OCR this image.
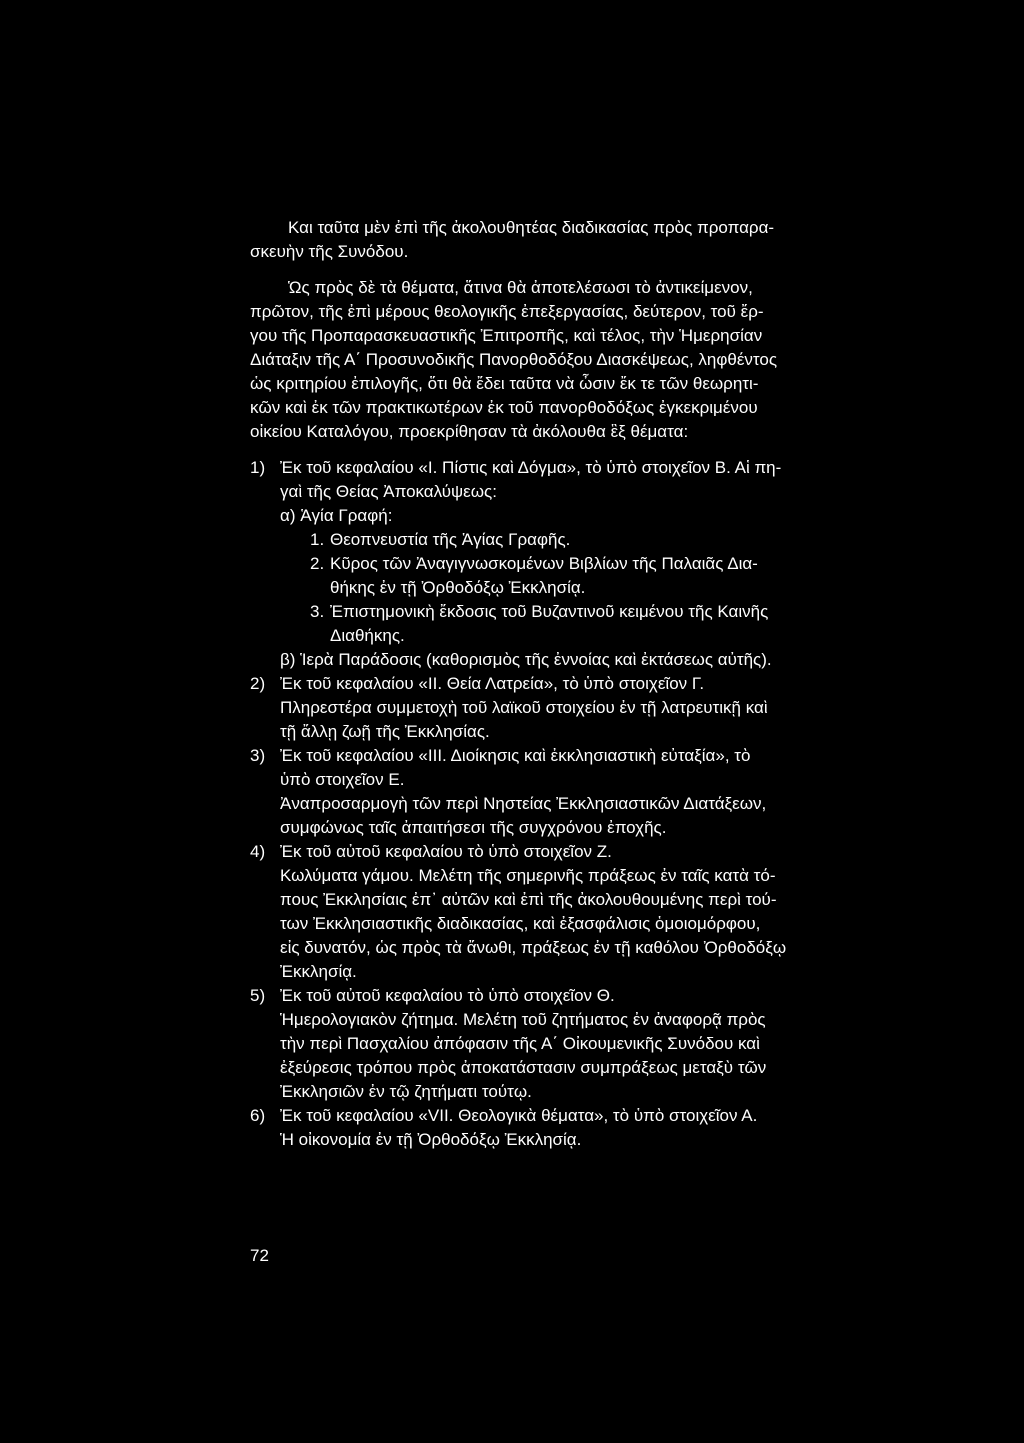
Και ταῦτα μὲν ἐπὶ τῆς ἀκολουθητέας διαδικασίας πρὸς προπαρα-
σκευὴν τῆς Συνόδου.

Ὡς πρὸς δὲ τὰ θέματα, ἅτινα θὰ ἀποτελέσωσι τὸ ἀντικείμενον,
πρῶτον, τῆς ἐπὶ μέρους θεολογικῆς ἐπεξεργασίας, δεύτερον, τοῦ ἔρ-
γου τῆς Προπαρασκευαστικῆς Ἐπιτροπῆς, καὶ τέλος, τὴν Ἡμερησίαν
Διάταξιν τῆς Α΄ Προσυνοδικῆς Πανορθοδόξου Διασκέψεως, ληφθέντος
ὡς κριτηρίου ἐπιλογῆς, ὅτι θὰ ἔδει ταῦτα νὰ ὦσιν ἔκ τε τῶν θεωρητι-
κῶν καὶ ἐκ τῶν πρακτικωτέρων ἐκ τοῦ πανορθοδόξως ἐγκεκριμένου
οἰκείου Καταλόγου, προεκρίθησαν τὰ ἀκόλουθα ἓξ θέματα:

1) Ἐκ τοῦ κεφαλαίου «Ι. Πίστις καὶ Δόγμα», τὸ ὑπὸ στοιχεῖον Β. Αἱ πη-
γαὶ τῆς Θείας Ἀποκαλύψεως:
α) Ἁγία Γραφή:
1. Θεοπνευστία τῆς Ἁγίας Γραφῆς.
2. Κῦρος τῶν Ἀναγιγνωσκομένων Βιβλίων τῆς Παλαιᾶς Δια-
θήκης ἐν τῇ Ὀρθοδόξῳ Ἐκκλησίᾳ.
3. Ἐπιστημονικὴ ἔκδοσις τοῦ Βυζαντινοῦ κειμένου τῆς Καινῆς
Διαθήκης.
β) Ἱερὰ Παράδοσις (καθορισμὸς τῆς ἐννοίας καὶ ἐκτάσεως αὐτῆς).
2) Ἐκ τοῦ κεφαλαίου «ΙΙ. Θεία Λατρεία», τὸ ὑπὸ στοιχεῖον Γ.
Πληρεστέρα συμμετοχὴ τοῦ λαϊκοῦ στοιχείου ἐν τῇ λατρευτικῇ καὶ
τῇ ἄλλῃ ζωῇ τῆς Ἐκκλησίας.
3) Ἐκ τοῦ κεφαλαίου «ΙΙΙ. Διοίκησις καὶ ἐκκλησιαστικὴ εὐταξία», τὸ
ὑπὸ στοιχεῖον Ε.
Ἀναπροσαρμογὴ τῶν περὶ Νηστείας Ἐκκλησιαστικῶν Διατάξεων,
συμφώνως ταῖς ἀπαιτήσεσι τῆς συγχρόνου ἐποχῆς.
4) Ἐκ τοῦ αὐτοῦ κεφαλαίου τὸ ὑπὸ στοιχεῖον Ζ.
Κωλύματα γάμου. Μελέτη τῆς σημερινῆς πράξεως ἐν ταῖς κατὰ τό-
πους Ἐκκλησίαις ἐπ᾽ αὐτῶν καὶ ἐπὶ τῆς ἀκολουθουμένης περὶ τού-
των Ἐκκλησιαστικῆς διαδικασίας, καὶ ἐξασφάλισις ὁμοιομόρφου,
εἰς δυνατόν, ὡς πρὸς τὰ ἄνωθι, πράξεως ἐν τῇ καθόλου Ὀρθοδόξῳ
Ἐκκλησίᾳ.
5) Ἐκ τοῦ αὐτοῦ κεφαλαίου τὸ ὑπὸ στοιχεῖον Θ.
Ἡμερολογιακὸν ζήτημα. Μελέτη τοῦ ζητήματος ἐν ἀναφορᾷ πρὸς
τὴν περὶ Πασχαλίου ἀπόφασιν τῆς Α΄ Οἰκουμενικῆς Συνόδου καὶ
ἐξεύρεσις τρόπου πρὸς ἀποκατάστασιν συμπράξεως μεταξὺ τῶν
Ἐκκλησιῶν ἐν τῷ ζητήματι τούτῳ.
6) Ἐκ τοῦ κεφαλαίου «VII. Θεολογικὰ θέματα», τὸ ὑπὸ στοιχεῖον Α.
Ἡ οἰκονομία ἐν τῇ Ὀρθοδόξῳ Ἐκκλησίᾳ.
72
